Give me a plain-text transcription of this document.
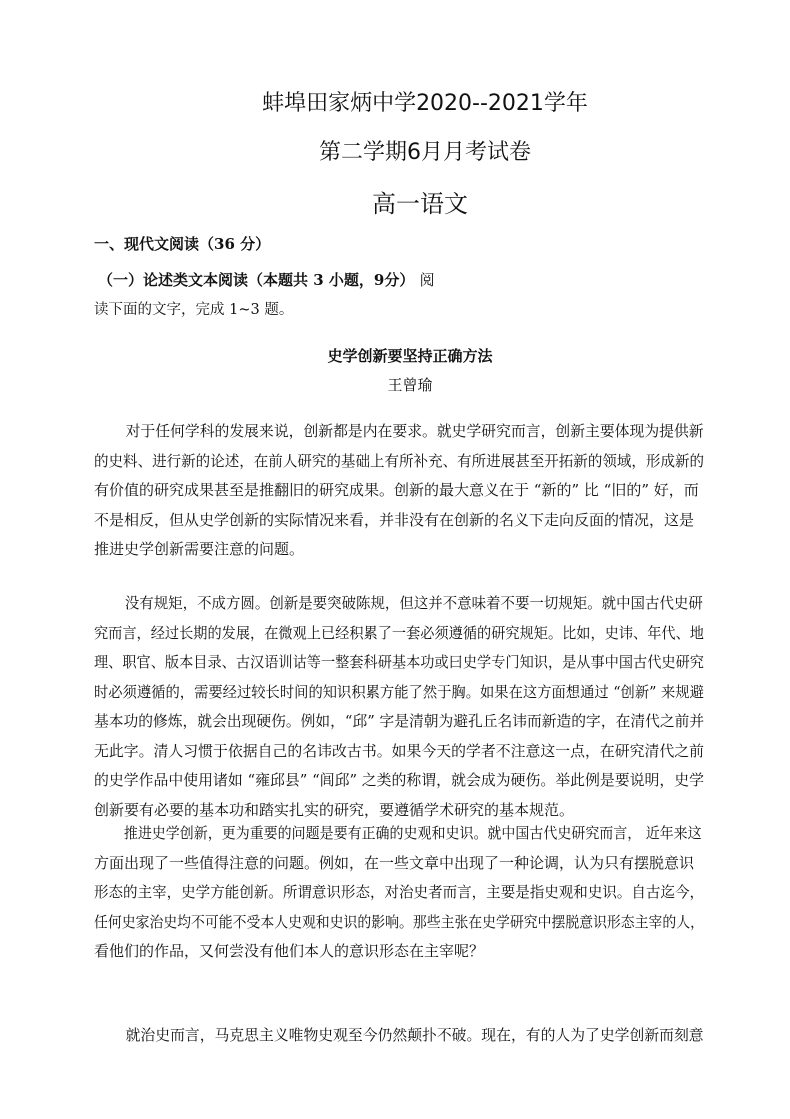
蚌埠田家炳中学2020--2021学年
第二学期6月月考试卷
高一语文
一、现代文阅读（36 分）
（一）论述类文本阅读（本题共 3 小题，9分） 阅
读下面的文字，完成 1~3 题。
史学创新要坚持正确方法
王曾瑜
对于任何学科的发展来说，创新都是内在要求。就史学研究而言，创新主要体现为提供新
的史料、进行新的论述，在前人研究的基础上有所补充、有所进展甚至开拓新的领域，形成新的
有价值的研究成果甚至是推翻旧的研究成果。创新的最大意义在于 “新的” 比 “旧的” 好，而
不是相反，但从史学创新的实际情况来看，并非没有在创新的名义下走向反面的情况，这是
推进史学创新需要注意的问题。
没有规矩，不成方圆。创新是要突破陈规，但这并不意味着不要一切规矩。就中国古代史研
究而言，经过长期的发展，在微观上已经积累了一套必须遵循的研究规矩。比如，史讳、年代、地
理、职官、版本目录、古汉语训诂等一整套科研基本功或曰史学专门知识，是从事中国古代史研究
时必须遵循的，需要经过较长时间的知识积累方能了然于胸。如果在这方面想通过 “创新” 来规避
基本功的修炼，就会出现硬伤。例如，“邱” 字是清朝为避孔丘名讳而新造的字，在清代之前并
无此字。清人习惯于依据自己的名讳改古书。如果今天的学者不注意这一点，在研究清代之前
的史学作品中使用诸如 “雍邱县” “闾邱” 之类的称谓，就会成为硬伤。举此例是要说明，史学
创新要有必要的基本功和踏实扎实的研究，要遵循学术研究的基本规范。
推进史学创新，更为重要的问题是要有正确的史观和史识。就中国古代史研究而言， 近年来这
方面出现了一些值得注意的问题。例如，在一些文章中出现了一种论调，认为只有摆脱意识
形态的主宰，史学方能创新。所谓意识形态，对治史者而言，主要是指史观和史识。自古迄今，
任何史家治史均不可能不受本人史观和史识的影响。那些主张在史学研究中摆脱意识形态主宰的人，
看他们的作品，又何尝没有他们本人的意识形态在主宰呢？
就治史而言，马克思主义唯物史观至今仍然颠扑不破。现在，有的人为了史学创新而刻意
